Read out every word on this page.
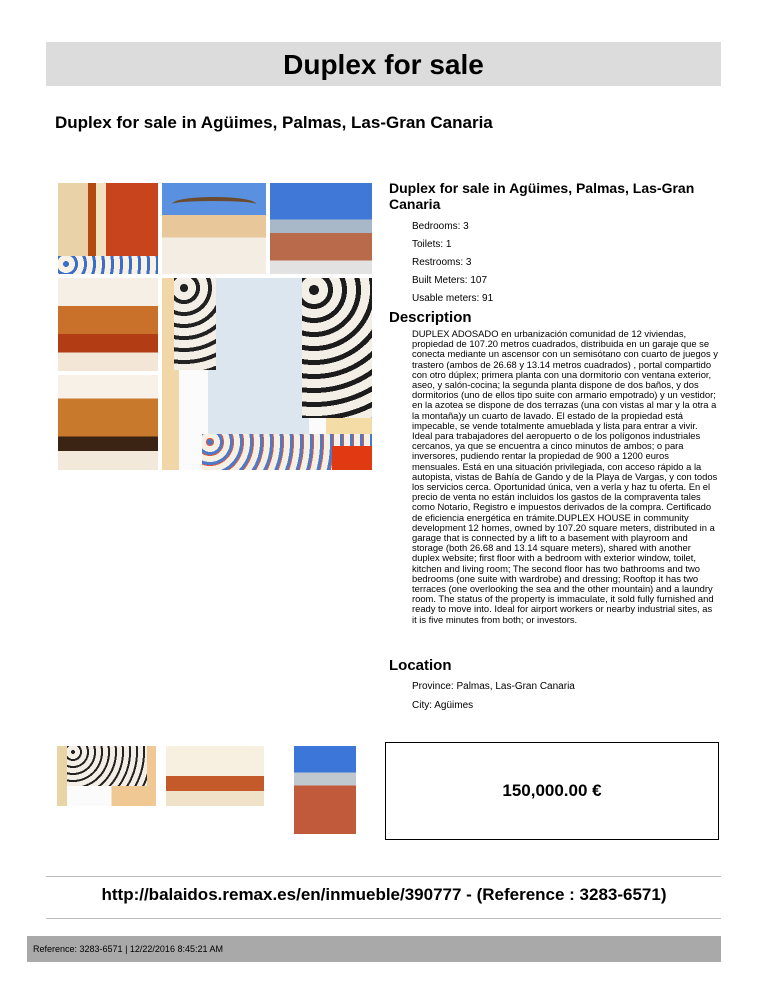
Duplex for sale
Duplex for sale in Agüimes, Palmas, Las-Gran Canaria
Duplex for sale in Agüimes, Palmas, Las-Gran Canaria
Bedrooms: 3
Toilets: 1
Restrooms: 3
Built Meters: 107
Usable meters: 91
Description

DUPLEX ADOSADO en urbanización comunidad de 12 viviendas, propiedad de 107.20 metros cuadrados, distribuida en un garaje que se conecta mediante un ascensor con un semisótano con cuarto de juegos y trastero (ambos de 26.68 y 13.14 metros cuadrados) , portal compartido con otro dúplex; primera planta con una dormitorio con ventana exterior, aseo, y salón-cocina; la segunda planta dispone de dos baños, y dos dormitorios (uno de ellos tipo suite con armario empotrado) y un vestidor; en la azotea se dispone de dos terrazas (una con vistas al mar y la otra a la montaña)y un cuarto de lavado. El estado de la propiedad está impecable, se vende totalmente amueblada y lista para entrar a vivir. Ideal para trabajadores del aeropuerto o de los polígonos industriales cercanos, ya que se encuentra a cinco minutos de ambos; o para inversores, pudiendo rentar la propiedad de 900 a 1200 euros mensuales. Está en una situación privilegiada, con acceso rápido a la autopista, vistas de Bahía de Gando y de la Playa de Vargas, y con todos los servicios cerca. Oportunidad única, ven a verla y haz tu oferta. En el precio de venta no están incluidos los gastos de la compraventa tales como Notario, Registro e impuestos derivados de la compra. Certificado de eficiencia energética en trámite.DUPLEX HOUSE in community development 12 homes, owned by 107.20 square meters, distributed in a garage that is connected by a lift to a basement with playroom and storage (both 26.68 and 13.14 square meters), shared with another duplex website; first floor with a bedroom with exterior window, toilet, kitchen and living room; The second floor has two bathrooms and two bedrooms (one suite with wardrobe) and dressing; Rooftop it has two terraces (one overlooking the sea and the other mountain) and a laundry room. The status of the property is immaculate, it sold fully furnished and ready to move into. Ideal for airport workers or nearby industrial sites, as it is five minutes from both; or investors.

Location
Province: Palmas, Las-Gran Canaria
City: Agüimes
150,000.00 €
http://balaidos.remax.es/en/inmueble/390777 - (Reference : 3283-6571)
Reference: 3283-6571 | 12/22/2016 8:45:21 AM
